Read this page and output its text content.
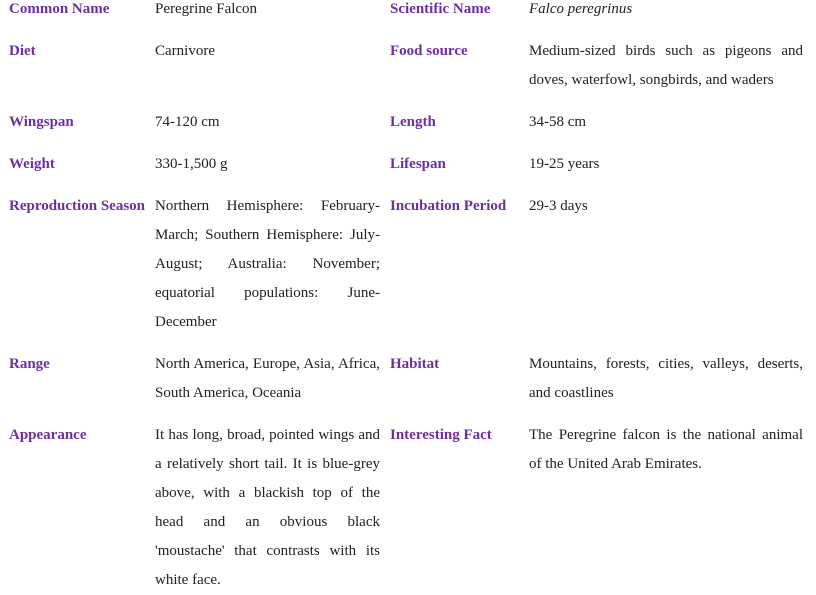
Common Name	Peregrine Falcon	Scientific Name	Falco peregrinus
Diet	Carnivore	Food source	Medium-sized birds such as pigeons and doves, waterfowl, songbirds, and waders
Wingspan	74-120 cm	Length	34-58 cm
Weight	330-1,500 g	Lifespan	19-25 years
Reproduction Season	Northern Hemisphere: February-March; Southern Hemisphere: July-August; Australia: November; equatorial populations: June-December	Incubation Period	29-3 days
Range	North America, Europe, Asia, Africa, South America, Oceania	Habitat	Mountains, forests, cities, valleys, deserts, and coastlines
Appearance	It has long, broad, pointed wings and a relatively short tail. It is blue-grey above, with a blackish top of the head and an obvious black 'moustache' that contrasts with its white face.	Interesting Fact	The Peregrine falcon is the national animal of the United Arab Emirates.
